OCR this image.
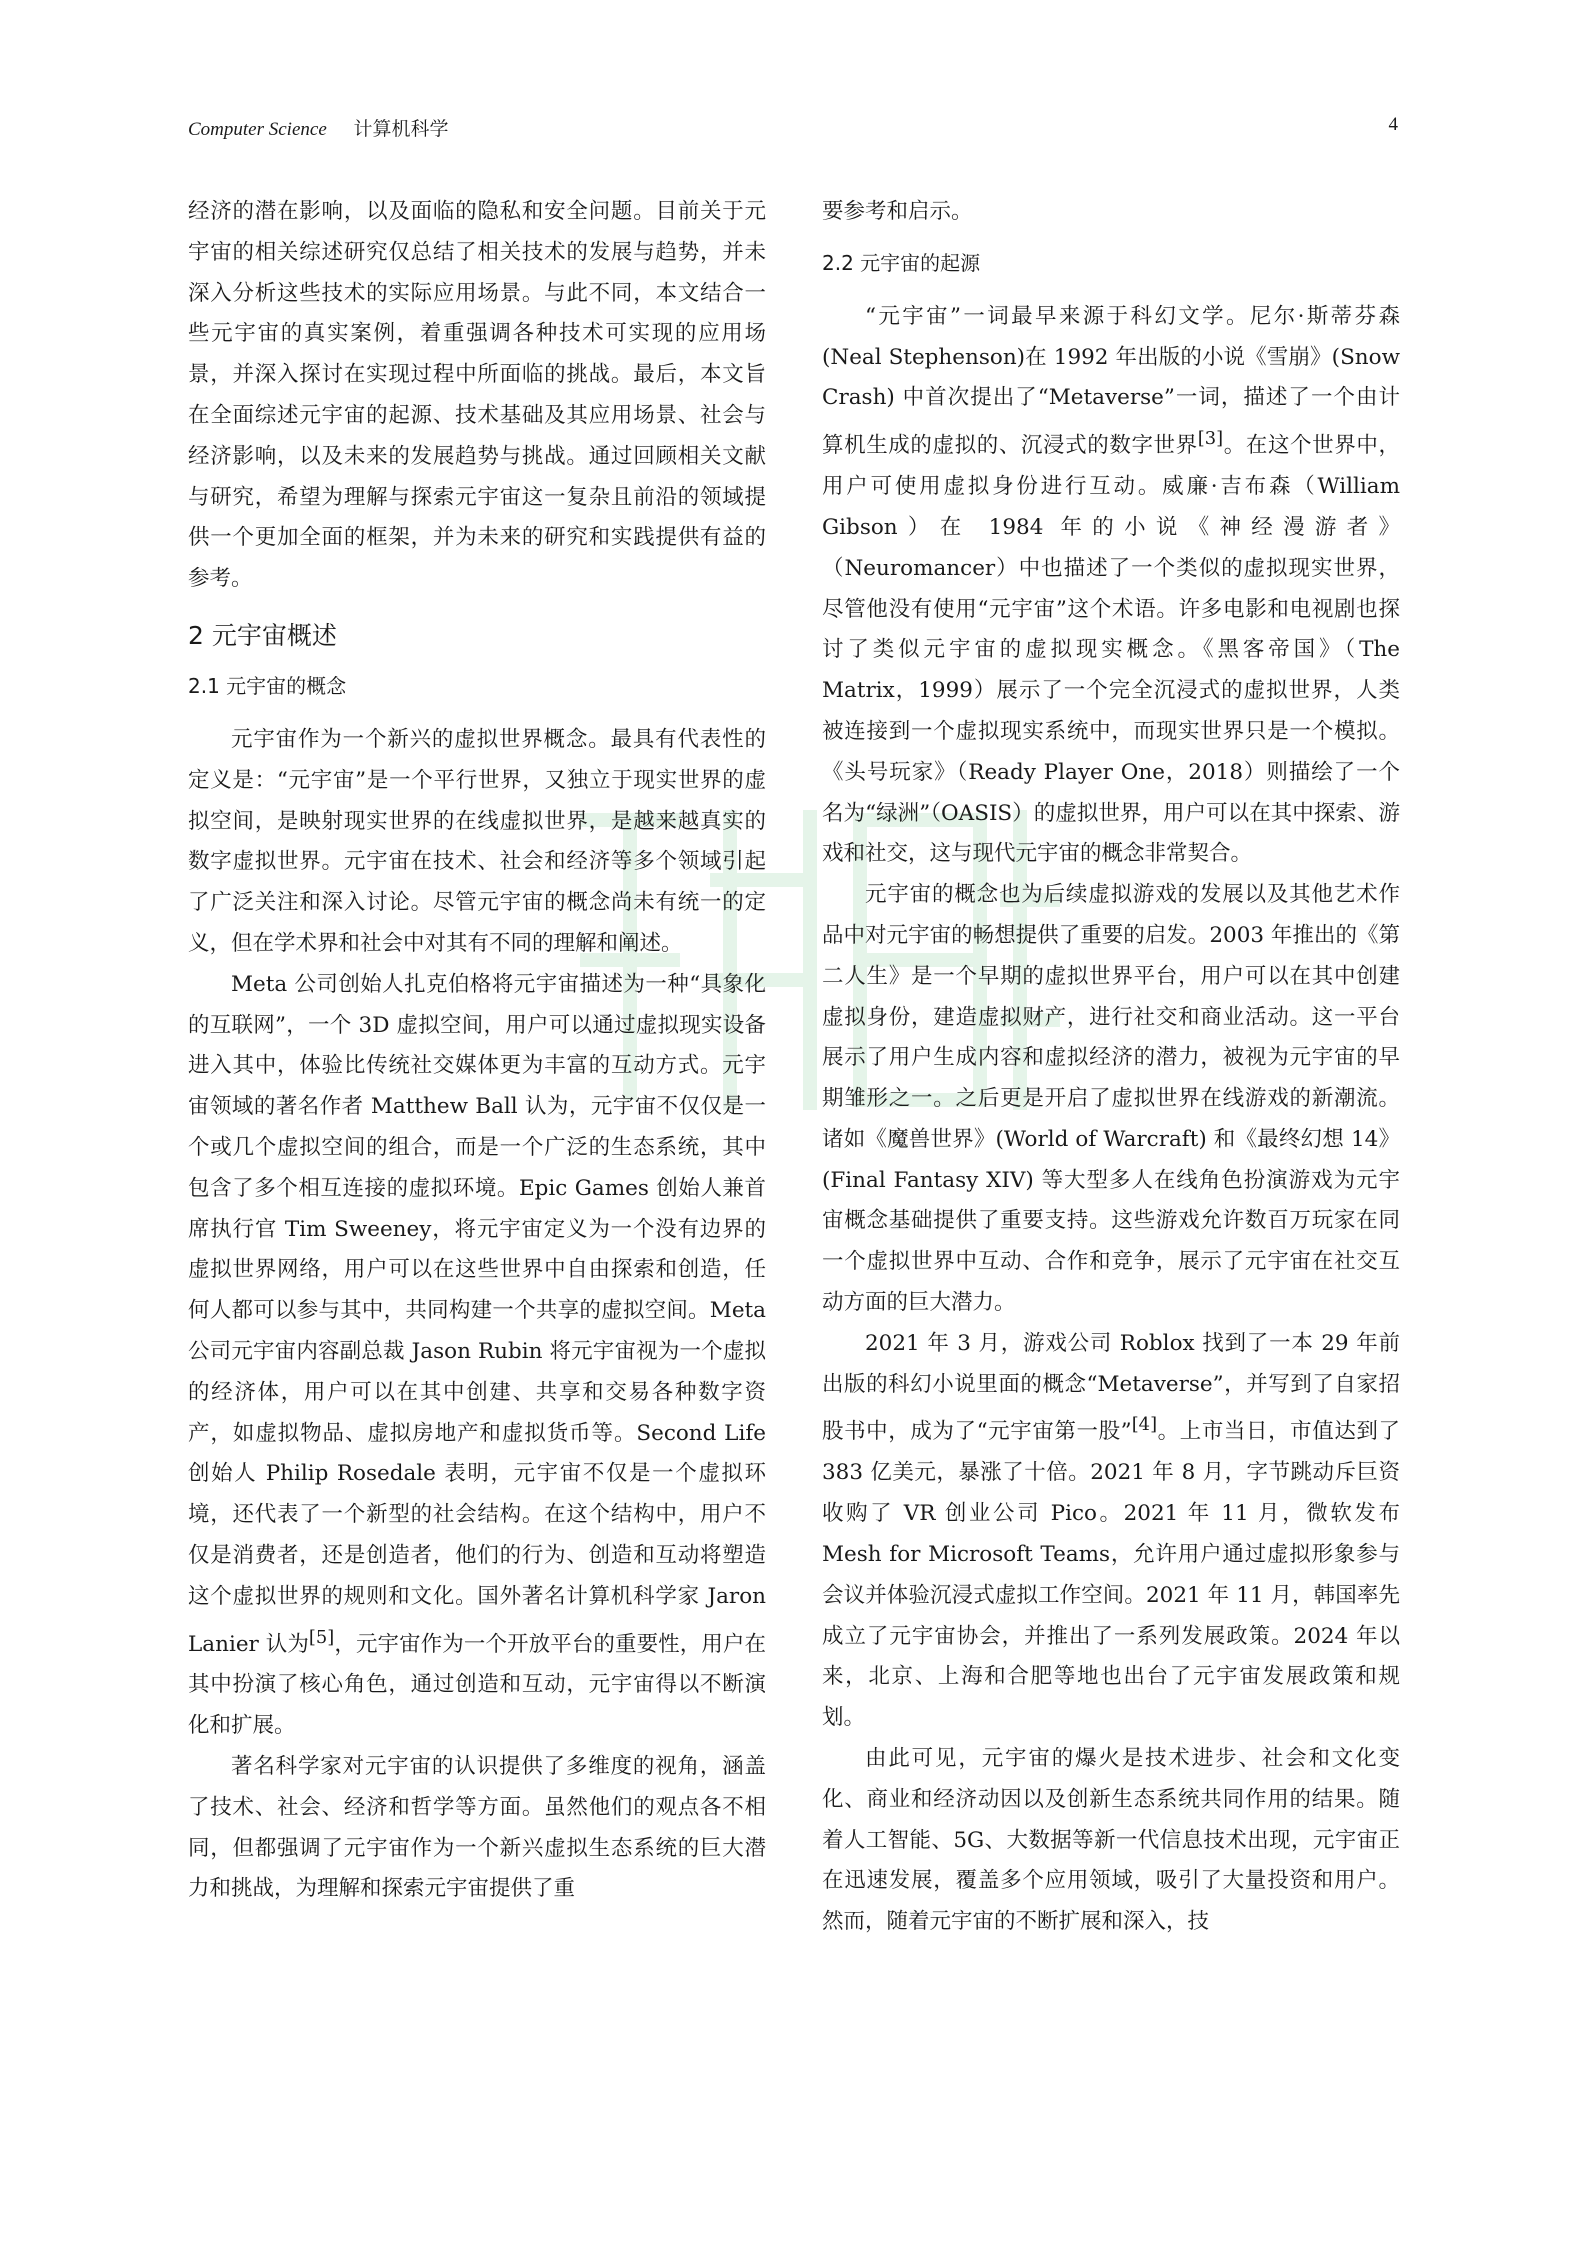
Computer Science 计算机科学	4

经济的潜在影响，以及面临的隐私和安全问题。目前关于元宇宙的相关综述研究仅总结了相关技术的发展与趋势，并未深入分析这些技术的实际应用场景。与此不同，本文结合一些元宇宙的真实案例，着重强调各种技术可实现的应用场景，并深入探讨在实现过程中所面临的挑战。最后，本文旨在全面综述元宇宙的起源、技术基础及其应用场景、社会与经济影响，以及未来的发展趋势与挑战。通过回顾相关文献与研究，希望为理解与探索元宇宙这一复杂且前沿的领域提供一个更加全面的框架，并为未来的研究和实践提供有益的参考。

2 元宇宙概述
2.1 元宇宙的概念

元宇宙作为一个新兴的虚拟世界概念。最具有代表性的定义是：“元宇宙”是一个平行世界，又独立于现实世界的虚拟空间，是映射现实世界的在线虚拟世界，是越来越真实的数字虚拟世界。元宇宙在技术、社会和经济等多个领域引起了广泛关注和深入讨论。尽管元宇宙的概念尚未有统一的定义，但在学术界和社会中对其有不同的理解和阐述。

Meta 公司创始人扎克伯格将元宇宙描述为一种“具象化的互联网”，一个 3D 虚拟空间，用户可以通过虚拟现实设备进入其中，体验比传统社交媒体更为丰富的互动方式。元宇宙领域的著名作者 Matthew Ball 认为，元宇宙不仅仅是一个或几个虚拟空间的组合，而是一个广泛的生态系统，其中包含了多个相互连接的虚拟环境。Epic Games 创始人兼首席执行官 Tim Sweeney，将元宇宙定义为一个没有边界的虚拟世界网络，用户可以在这些世界中自由探索和创造，任何人都可以参与其中，共同构建一个共享的虚拟空间。Meta 公司元宇宙内容副总裁 Jason Rubin 将元宇宙视为一个虚拟的经济体，用户可以在其中创建、共享和交易各种数字资产，如虚拟物品、虚拟房地产和虚拟货币等。Second Life 创始人 Philip Rosedale 表明，元宇宙不仅是一个虚拟环境，还代表了一个新型的社会结构。在这个结构中，用户不仅是消费者，还是创造者，他们的行为、创造和互动将塑造这个虚拟世界的规则和文化。国外著名计算机科学家 Jaron Lanier 认为[5]，元宇宙作为一个开放平台的重要性，用户在其中扮演了核心角色，通过创造和互动，元宇宙得以不断演化和扩展。

著名科学家对元宇宙的认识提供了多维度的视角，涵盖了技术、社会、经济和哲学等方面。虽然他们的观点各不相同，但都强调了元宇宙作为一个新兴虚拟生态系统的巨大潜力和挑战，为理解和探索元宇宙提供了重

要参考和启示。

2.2 元宇宙的起源

“元宇宙”一词最早来源于科幻文学。尼尔·斯蒂芬森(Neal Stephenson)在 1992 年出版的小说《雪崩》(Snow Crash) 中首次提出了“Metaverse”一词，描述了一个由计算机生成的虚拟的、沉浸式的数字世界[3]。在这个世界中，用户可使用虚拟身份进行互动。威廉·吉布森（William Gibson）在 1984 年的小说《神经漫游者》（Neuromancer）中也描述了一个类似的虚拟现实世界，尽管他没有使用“元宇宙”这个术语。许多电影和电视剧也探讨了类似元宇宙的虚拟现实概念。《黑客帝国》（The Matrix，1999）展示了一个完全沉浸式的虚拟世界，人类被连接到一个虚拟现实系统中，而现实世界只是一个模拟。《头号玩家》（Ready Player One，2018）则描绘了一个名为“绿洲”（OASIS）的虚拟世界，用户可以在其中探索、游戏和社交，这与现代元宇宙的概念非常契合。

元宇宙的概念也为后续虚拟游戏的发展以及其他艺术作品中对元宇宙的畅想提供了重要的启发。2003 年推出的《第二人生》是一个早期的虚拟世界平台，用户可以在其中创建虚拟身份，建造虚拟财产，进行社交和商业活动。这一平台展示了用户生成内容和虚拟经济的潜力，被视为元宇宙的早期雏形之一。之后更是开启了虚拟世界在线游戏的新潮流。诸如《魔兽世界》(World of Warcraft) 和《最终幻想 14》(Final Fantasy XIV) 等大型多人在线角色扮演游戏为元宇宙概念基础提供了重要支持。这些游戏允许数百万玩家在同一个虚拟世界中互动、合作和竞争，展示了元宇宙在社交互动方面的巨大潜力。

2021 年 3 月，游戏公司 Roblox 找到了一本 29 年前出版的科幻小说里面的概念“Metaverse”，并写到了自家招股书中，成为了“元宇宙第一股”[4]。上市当日，市值达到了 383 亿美元，暴涨了十倍。2021 年 8 月，字节跳动斥巨资收购了 VR 创业公司 Pico。2021 年 11 月，微软发布 Mesh for Microsoft Teams，允许用户通过虚拟形象参与会议并体验沉浸式虚拟工作空间。2021 年 11 月，韩国率先成立了元宇宙协会，并推出了一系列发展政策。2024 年以来，北京、上海和合肥等地也出台了元宇宙发展政策和规划。

由此可见，元宇宙的爆火是技术进步、社会和文化变化、商业和经济动因以及创新生态系统共同作用的结果。随着人工智能、5G、大数据等新一代信息技术出现，元宇宙正在迅速发展，覆盖多个应用领域，吸引了大量投资和用户。然而，随着元宇宙的不断扩展和深入，技
